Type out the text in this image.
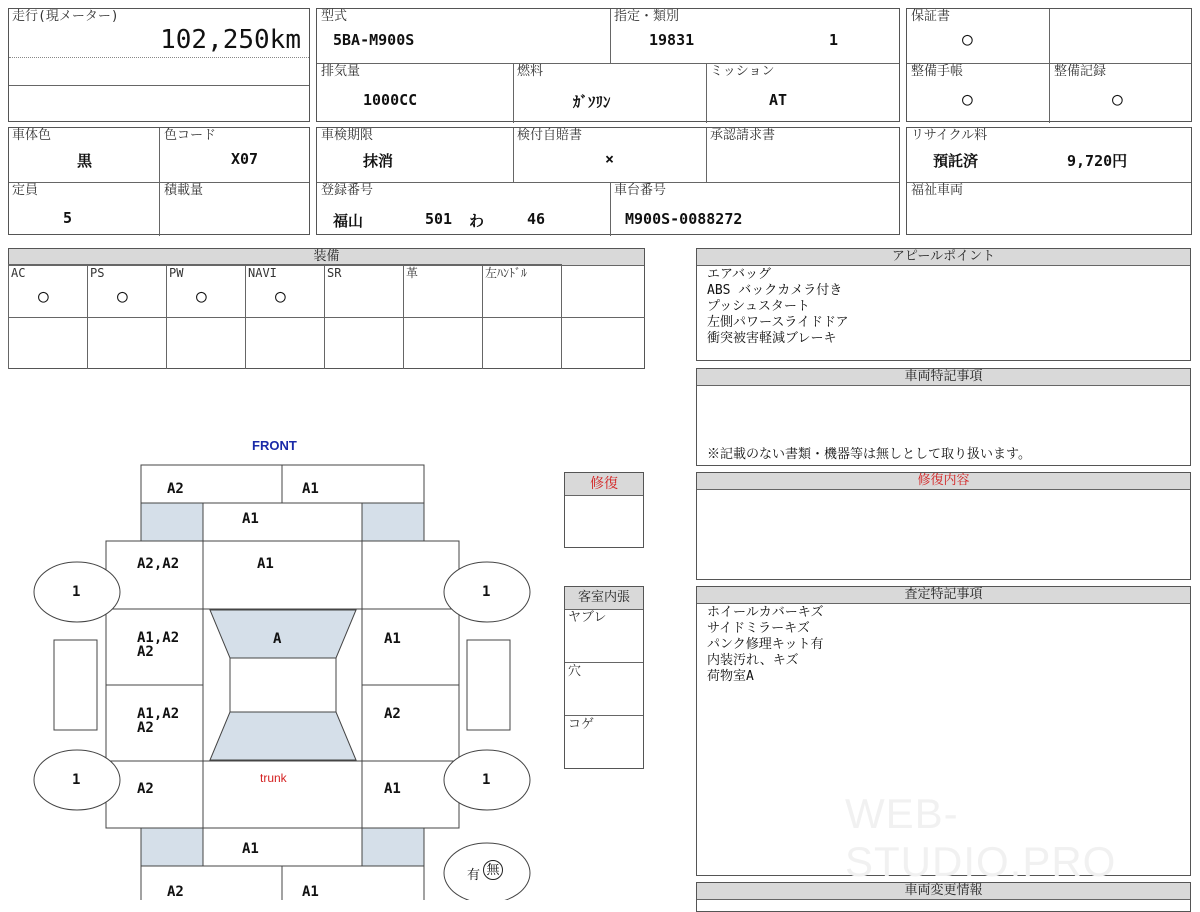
走行(現メーター)
102,250km
車体色
黒
色コード
X07
定員
5
積載量
型式
5BA-M900S
指定・類別
19831	1
排気量
1000CC
燃料
ｶﾞｿﾘﾝ
ミッション
AT
車検期限
抹消
検付自賠書
×
承認請求書
登録番号
福山	501 わ	46
車台番号
M900S-0088272
保証書
○
整備手帳
○
整備記録
○
リサイクル料
預託済	9,720円
福祉車両
装備
AC
○
PS
○
PW
○
NAVI
○
SR	革	左ﾊﾝﾄﾞﾙ
アピールポイント
エアバッグ
ABS バックカメラ付き
プッシュスタート
左側パワースライドドア
衝突被害軽減ブレーキ
車両特記事項
※記載のない書類・機器等は無しとして取り扱います。
修復内容
査定特記事項
ホイールカバーキズ
サイドミラーキズ
パンク修理キット有
内装汚れ、キズ
荷物室A
車両変更情報
WEB-STUDIO.PRO
修復
客室内張
ヤブレ
穴
コゲ
FRONT
A2	A1
A1
A2,A2	A1
1	1
A1,A2
A2
A	A1
A1,A2
A2
A2
trunk
1	1
A2	A1
A1
A2	A1
有 無
